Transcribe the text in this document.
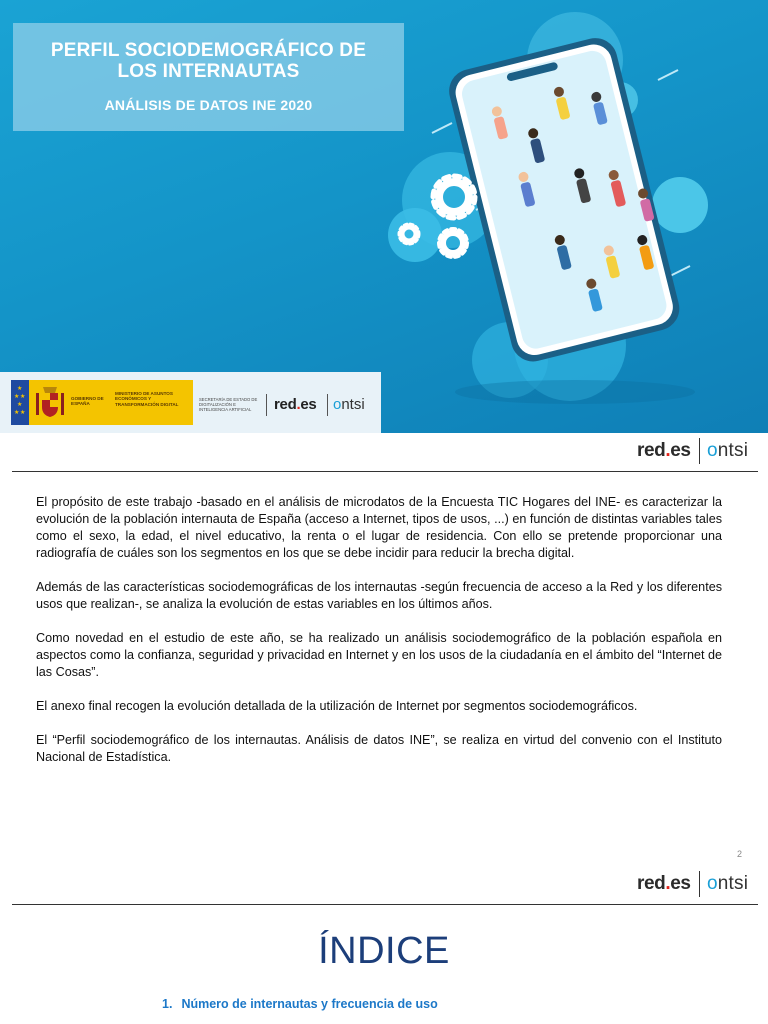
PERFIL SOCIODEMOGRÁFICO DE LOS INTERNAUTAS
ANÁLISIS DE DATOS INE 2020
★
★ ★
★
★ ★
GOBIERNO DE ESPAÑA
MINISTERIO DE ASUNTOS ECONÓMICOS Y TRANSFORMACIÓN DIGITAL
SECRETARÍA DE ESTADO DE DIGITALIZACIÓN E INTELIGENCIA ARTIFICIAL	red.es ontsi
red.es ontsi

El propósito de este trabajo -basado en el análisis de microdatos de la Encuesta TIC Hogares del INE- es caracterizar la evolución de la población internauta de España (acceso a Internet, tipos de usos, ...) en función de distintas variables tales como el sexo, la edad, el nivel educativo, la renta o el lugar de residencia. Con ello se pretende proporcionar una radiografía de cuáles son los segmentos en los que se debe incidir para reducir la brecha digital.

Además de las características sociodemográficas de los internautas -según frecuencia de acceso a la Red y los diferentes usos que realizan-, se analiza la evolución de estas variables en los últimos años.

Como novedad en el estudio de este año, se ha realizado un análisis sociodemográfico de la población española en aspectos como la confianza, seguridad y privacidad en Internet y en los usos de la ciudadanía en el ámbito del “Internet de las Cosas”.

El anexo final recogen la evolución detallada de la utilización de Internet por segmentos sociodemográficos.

El “Perfil sociodemográfico de los internautas. Análisis de datos INE”, se realiza en virtud del convenio con el Instituto Nacional de Estadística.

2
red.es ontsi
ÍNDICE
1. Número de internautas y frecuencia de uso
